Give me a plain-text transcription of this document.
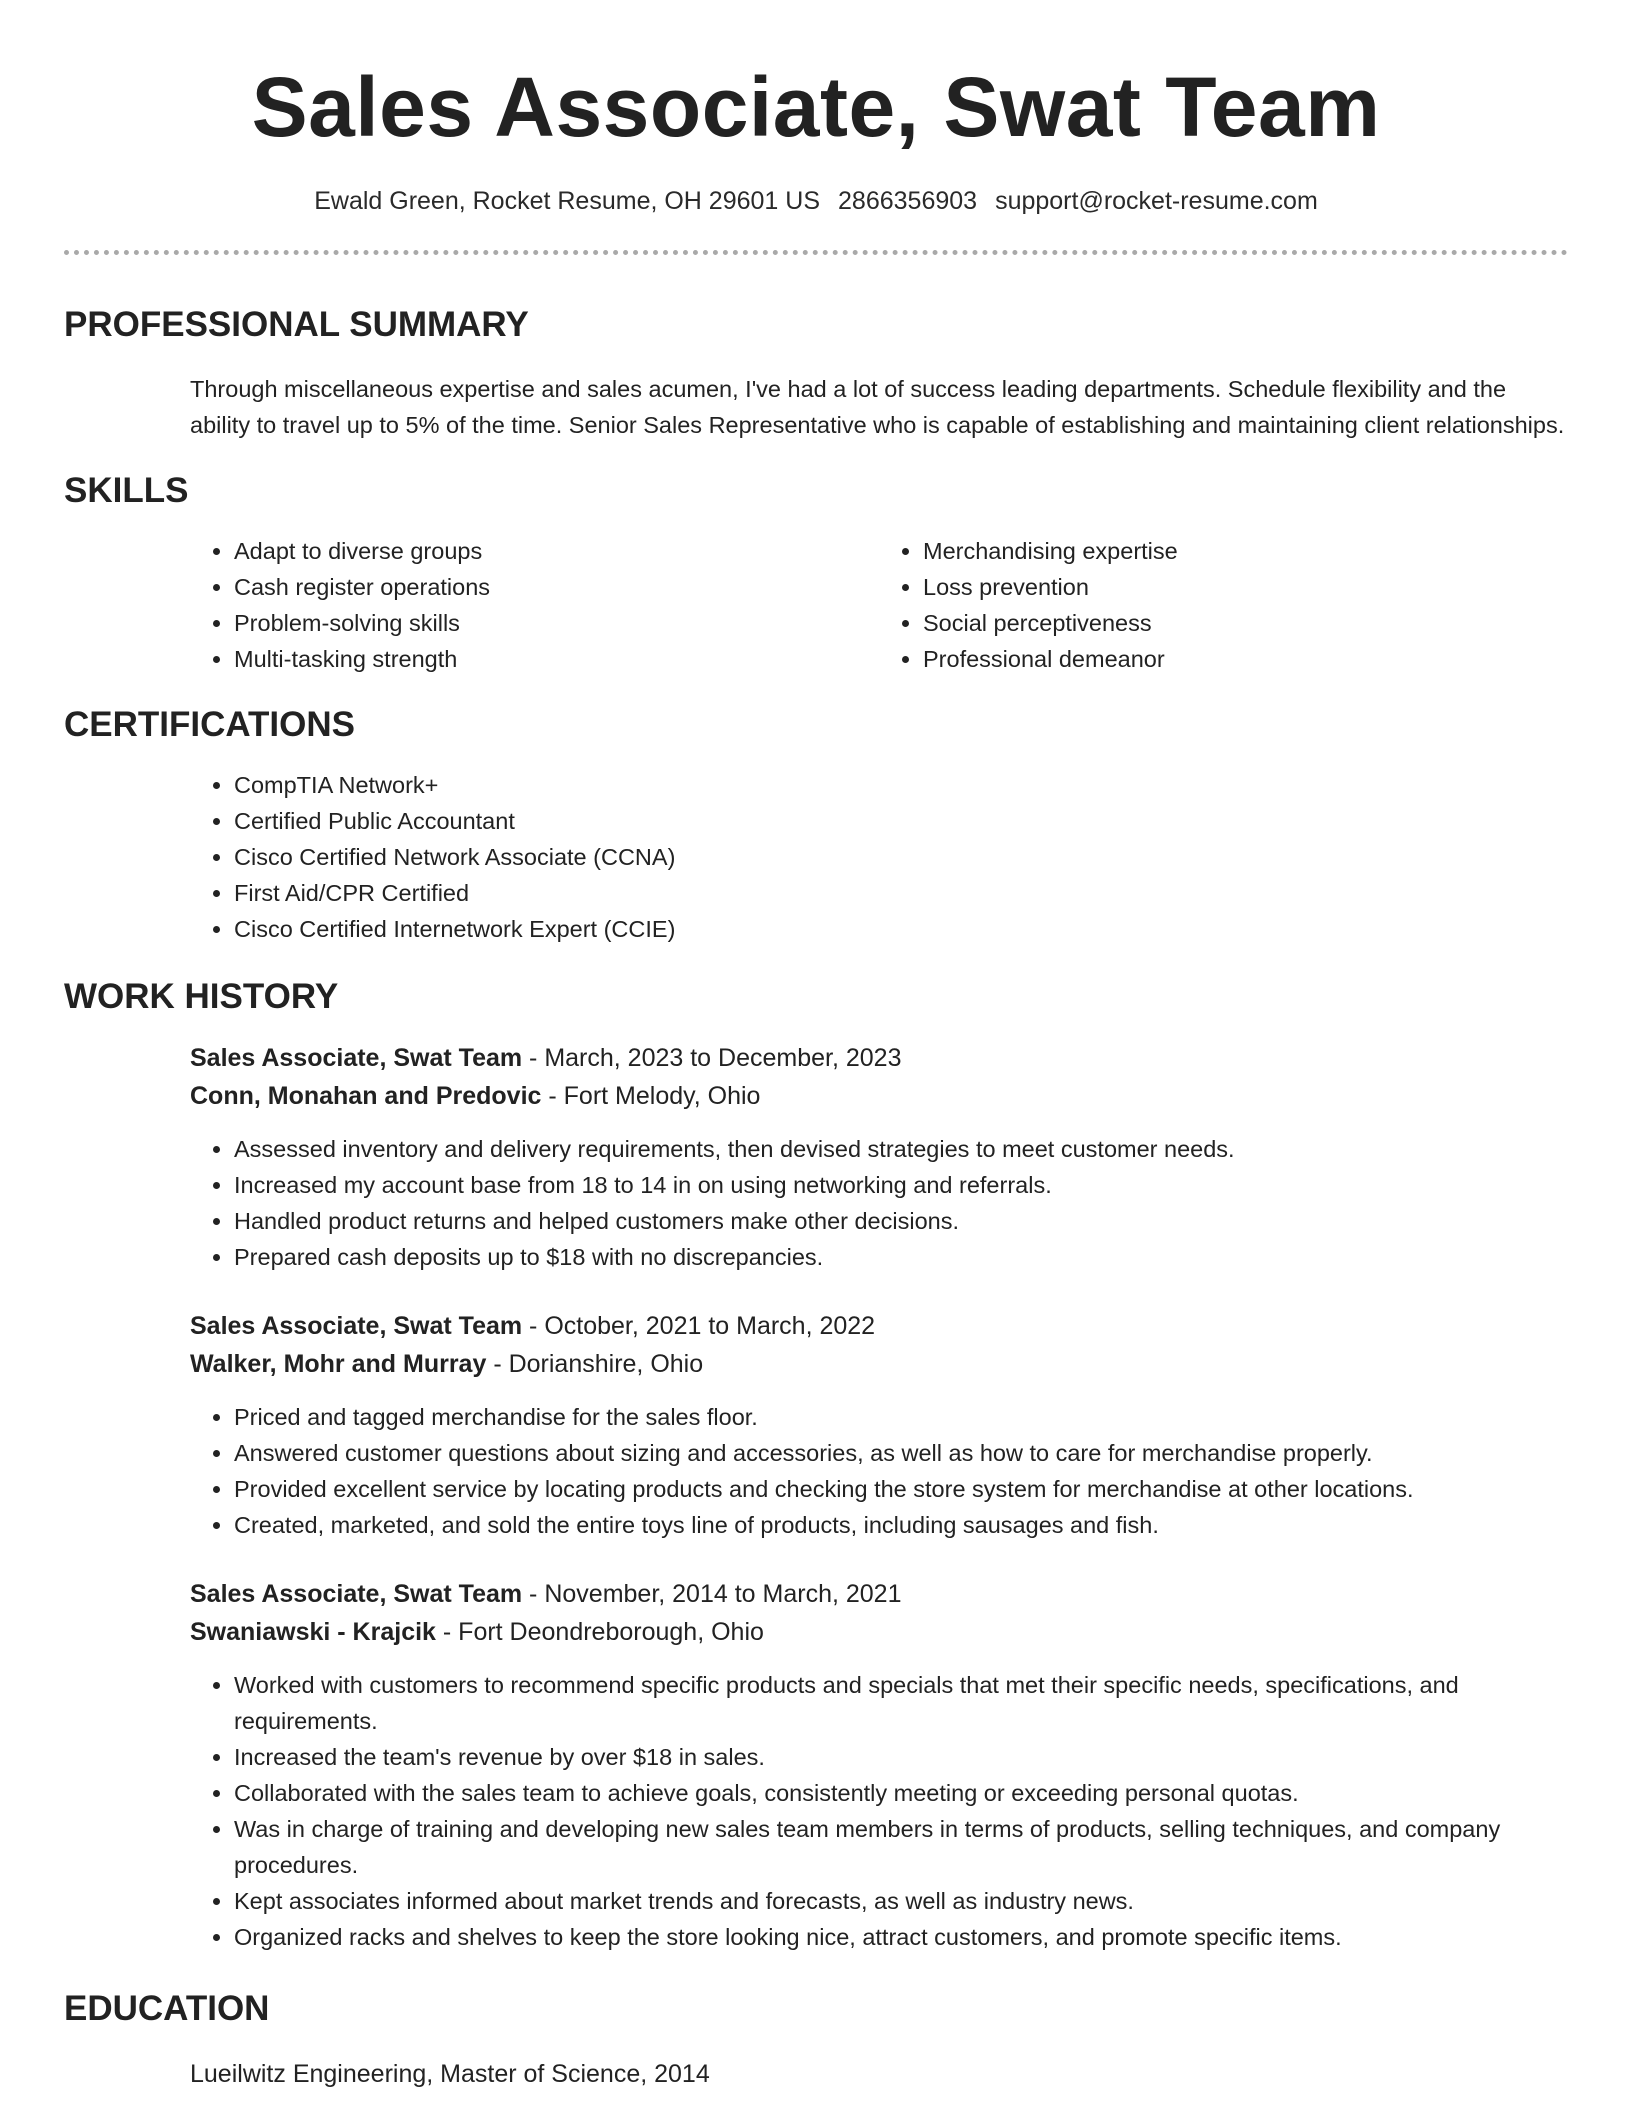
Sales Associate, Swat Team
Ewald Green, Rocket Resume, OH 29601 US 2866356903 support@rocket-resume.com
PROFESSIONAL SUMMARY

Through miscellaneous expertise and sales acumen, I've had a lot of success leading departments. Schedule flexibility and the ability to travel up to 5% of the time. Senior Sales Representative who is capable of establishing and maintaining client relationships.

SKILLS
• Adapt to diverse groups
• Cash register operations
• Problem-solving skills
• Multi-tasking strength
• Merchandising expertise
• Loss prevention
• Social perceptiveness
• Professional demeanor
CERTIFICATIONS
• CompTIA Network+
• Certified Public Accountant
• Cisco Certified Network Associate (CCNA)
• First Aid/CPR Certified
• Cisco Certified Internetwork Expert (CCIE)
WORK HISTORY
Sales Associate, Swat Team - March, 2023 to December, 2023
Conn, Monahan and Predovic - Fort Melody, Ohio
• Assessed inventory and delivery requirements, then devised strategies to meet customer needs.
• Increased my account base from 18 to 14 in on using networking and referrals.
• Handled product returns and helped customers make other decisions.
• Prepared cash deposits up to $18 with no discrepancies.
Sales Associate, Swat Team - October, 2021 to March, 2022
Walker, Mohr and Murray - Dorianshire, Ohio
• Priced and tagged merchandise for the sales floor.
• Answered customer questions about sizing and accessories, as well as how to care for merchandise properly.
• Provided excellent service by locating products and checking the store system for merchandise at other locations.
• Created, marketed, and sold the entire toys line of products, including sausages and fish.
Sales Associate, Swat Team - November, 2014 to March, 2021
Swaniawski - Krajcik - Fort Deondreborough, Ohio
• Worked with customers to recommend specific products and specials that met their specific needs, specifications, and requirements.
• Increased the team's revenue by over $18 in sales.
• Collaborated with the sales team to achieve goals, consistently meeting or exceeding personal quotas.
• Was in charge of training and developing new sales team members in terms of products, selling techniques, and company procedures.
• Kept associates informed about market trends and forecasts, as well as industry news.
• Organized racks and shelves to keep the store looking nice, attract customers, and promote specific items.
EDUCATION
Lueilwitz Engineering, Master of Science, 2014
